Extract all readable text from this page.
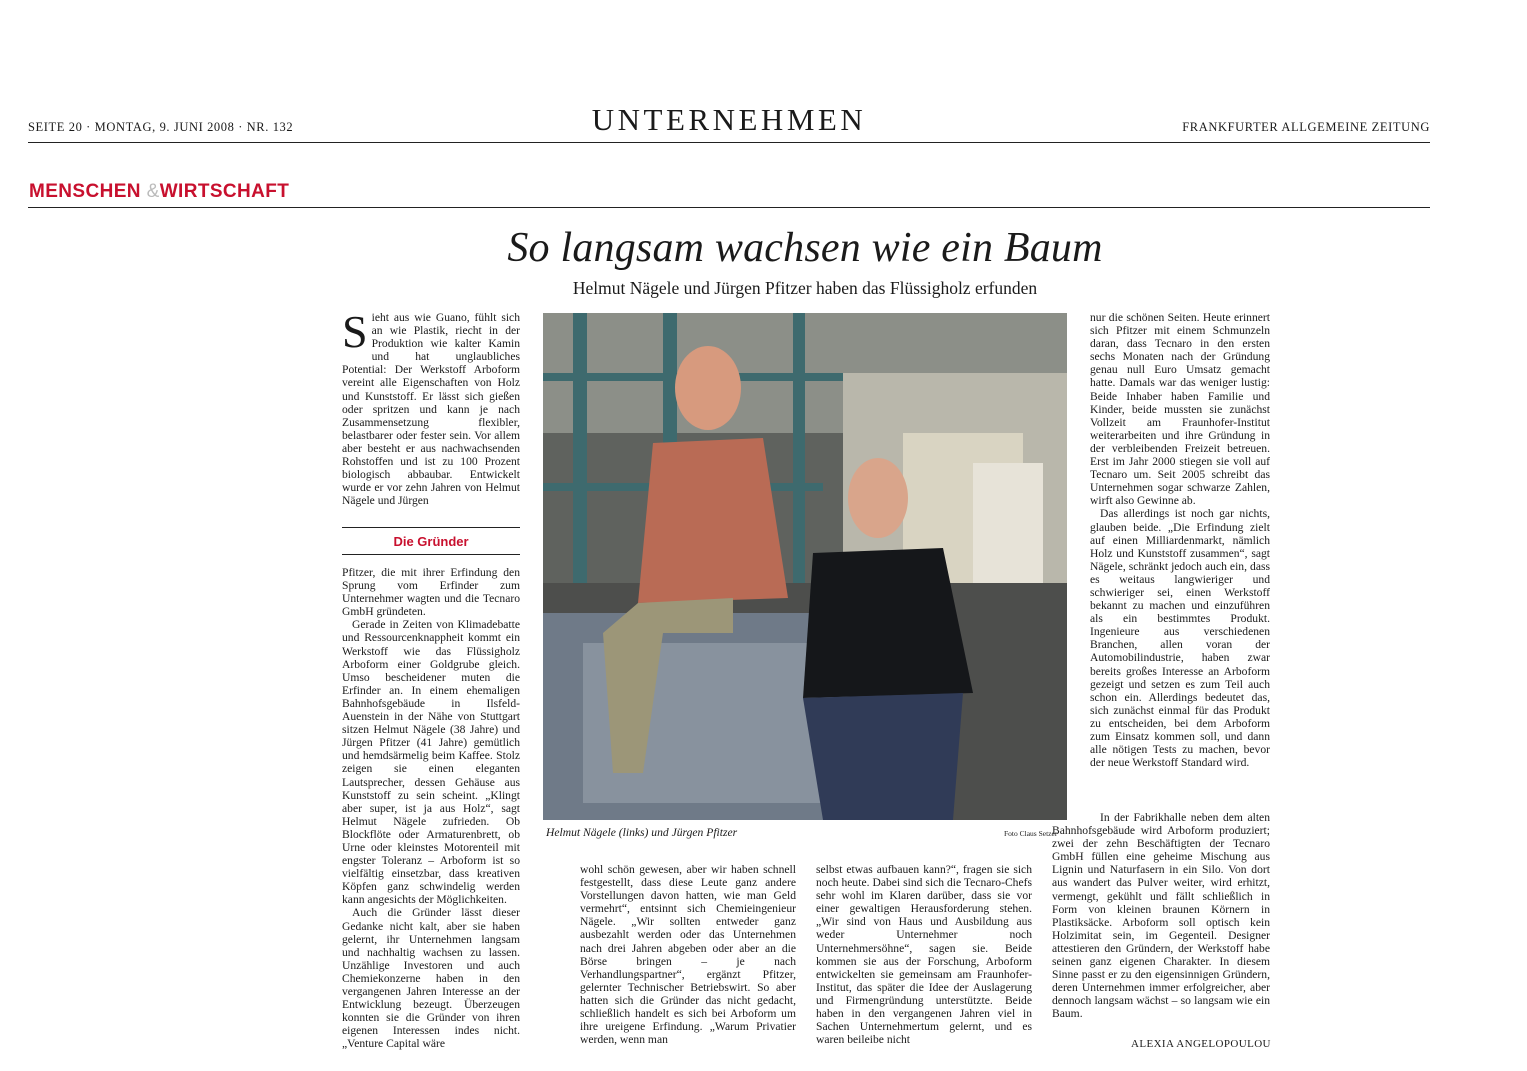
SEITE 20 · MONTAG, 9. JUNI 2008 · NR. 132	UNTERNEHMEN	FRANKFURTER ALLGEMEINE ZEITUNG
MENSCHEN &WIRTSCHAFT
So langsam wachsen wie ein Baum
Helmut Nägele und Jürgen Pfitzer haben das Flüssigholz erfunden

Sieht aus wie Guano, fühlt sich an wie Plastik, riecht in der Produktion wie kalter Kamin und hat unglaubliches Potential: Der Werkstoff Arboform vereint alle Eigenschaften von Holz und Kunststoff. Er lässt sich gießen oder spritzen und kann je nach Zusammensetzung flexibler, belastbarer oder fester sein. Vor allem aber besteht er aus nachwachsenden Rohstoffen und ist zu 100 Prozent biologisch abbaubar. Entwickelt wurde er vor zehn Jahren von Helmut Nägele und Jürgen

Die Gründer

Pfitzer, die mit ihrer Erfindung den Sprung vom Erfinder zum Unternehmer wagten und die Tecnaro GmbH gründeten.

Gerade in Zeiten von Klimadebatte und Ressourcenknappheit kommt ein Werkstoff wie das Flüssigholz Arboform einer Goldgrube gleich. Umso bescheidener muten die Erfinder an. In einem ehemaligen Bahnhofsgebäude in Ilsfeld-Auenstein in der Nähe von Stuttgart sitzen Helmut Nägele (38 Jahre) und Jürgen Pfitzer (41 Jahre) gemütlich und hemdsärmelig beim Kaffee. Stolz zeigen sie einen eleganten Lautsprecher, dessen Gehäuse aus Kunststoff zu sein scheint. „Klingt aber super, ist ja aus Holz“, sagt Helmut Nägele zufrieden. Ob Blockflöte oder Armaturenbrett, ob Urne oder kleinstes Motorenteil mit engster Toleranz – Arboform ist so vielfältig einsetzbar, dass kreativen Köpfen ganz schwindelig werden kann angesichts der Möglichkeiten.

Auch die Gründer lässt dieser Gedanke nicht kalt, aber sie haben gelernt, ihr Unternehmen langsam und nachhaltig wachsen zu lassen. Unzählige Investoren und auch Chemiekonzerne haben in den vergangenen Jahren Interesse an der Entwicklung bezeugt. Überzeugen konnten sie die Gründer von ihren eigenen Interessen indes nicht. „Venture Capital wäre

Helmut Nägele (links) und Jürgen Pfitzer	Foto Claus Setzer

wohl schön gewesen, aber wir haben schnell festgestellt, dass diese Leute ganz andere Vorstellungen davon hatten, wie man Geld vermehrt“, entsinnt sich Chemieingenieur Nägele. „Wir sollten entweder ganz ausbezahlt werden oder das Unternehmen nach drei Jahren abgeben oder aber an die Börse bringen – je nach Verhandlungspartner“, ergänzt Pfitzer, gelernter Technischer Betriebswirt. So aber hatten sich die Gründer das nicht gedacht, schließlich handelt es sich bei Arboform um ihre ureigene Erfindung. „Warum Privatier werden, wenn man

selbst etwas aufbauen kann?“, fragen sie sich noch heute. Dabei sind sich die Tecnaro-Chefs sehr wohl im Klaren darüber, dass sie vor einer gewaltigen Herausforderung stehen. „Wir sind von Haus und Ausbildung aus weder Unternehmer noch Unternehmersöhne“, sagen sie. Beide kommen sie aus der Forschung, Arboform entwickelten sie gemeinsam am Fraunhofer-Institut, das später die Idee der Auslagerung und Firmengründung unterstützte. Beide haben in den vergangenen Jahren viel in Sachen Unternehmertum gelernt, und es waren beileibe nicht

nur die schönen Seiten. Heute erinnert sich Pfitzer mit einem Schmunzeln daran, dass Tecnaro in den ersten sechs Monaten nach der Gründung genau null Euro Umsatz gemacht hatte. Damals war das weniger lustig: Beide Inhaber haben Familie und Kinder, beide mussten sie zunächst Vollzeit am Fraunhofer-Institut weiterarbeiten und ihre Gründung in der verbleibenden Freizeit betreuen. Erst im Jahr 2000 stiegen sie voll auf Tecnaro um. Seit 2005 schreibt das Unternehmen sogar schwarze Zahlen, wirft also Gewinne ab.

Das allerdings ist noch gar nichts, glauben beide. „Die Erfindung zielt auf einen Milliardenmarkt, nämlich Holz und Kunststoff zusammen“, sagt Nägele, schränkt jedoch auch ein, dass es weitaus langwieriger und schwieriger sei, einen Werkstoff bekannt zu machen und einzuführen als ein bestimmtes Produkt. Ingenieure aus verschiedenen Branchen, allen voran der Automobilindustrie, haben zwar bereits großes Interesse an Arboform gezeigt und setzen es zum Teil auch schon ein. Allerdings bedeutet das, sich zunächst einmal für das Produkt zu entscheiden, bei dem Arboform zum Einsatz kommen soll, und dann alle nötigen Tests zu machen, bevor der neue Werkstoff Standard wird.

In der Fabrikhalle neben dem alten Bahnhofsgebäude wird Arboform produziert; zwei der zehn Beschäftigten der Tecnaro GmbH füllen eine geheime Mischung aus Lignin und Naturfasern in ein Silo. Von dort aus wandert das Pulver weiter, wird erhitzt, vermengt, gekühlt und fällt schließlich in Form von kleinen braunen Körnern in Plastiksäcke. Arboform soll optisch kein Holzimitat sein, im Gegenteil. Designer attestieren den Gründern, der Werkstoff habe seinen ganz eigenen Charakter. In diesem Sinne passt er zu den eigensinnigen Gründern, deren Unternehmen immer erfolgreicher, aber dennoch langsam wächst – so langsam wie ein Baum.

ALEXIA ANGELOPOULOU
